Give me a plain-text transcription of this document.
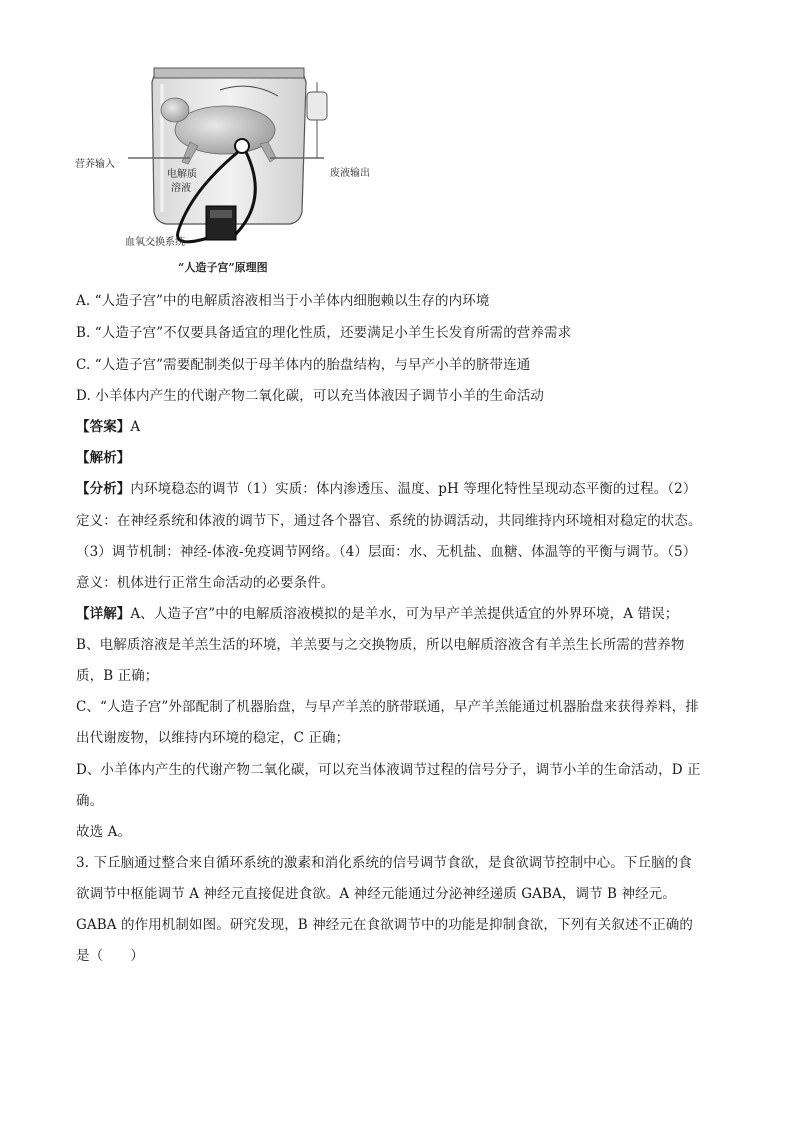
营养输入
电解质
溶液
废液输出
血氧交换系统
“人造子宫”原理图
A. “人造子宫”中的电解质溶液相当于小羊体内细胞赖以生存的内环境
B. “人造子宫”不仅要具备适宜的理化性质，还要满足小羊生长发育所需的营养需求
C. “人造子宫”需要配制类似于母羊体内的胎盘结构，与早产小羊的脐带连通
D. 小羊体内产生的代谢产物二氧化碳，可以充当体液因子调节小羊的生命活动
【答案】A
【解析】
【分析】内环境稳态的调节（1）实质：体内渗透压、温度、pH 等理化特性呈现动态平衡的过程。（2）
定义：在神经系统和体液的调节下，通过各个器官、系统的协调活动，共同维持内环境相对稳定的状态。
（3）调节机制：神经-体液-免疫调节网络。（4）层面：水、无机盐、血糖、体温等的平衡与调节。（5）
意义：机体进行正常生命活动的必要条件。
【详解】A、人造子宫”中的电解质溶液模拟的是羊水，可为早产羊羔提供适宜的外界环境，A 错误；
B、电解质溶液是羊羔生活的环境，羊羔要与之交换物质，所以电解质溶液含有羊羔生长所需的营养物
质，B 正确；
C、“人造子宫”外部配制了机器胎盘，与早产羊羔的脐带联通，早产羊羔能通过机器胎盘来获得养料，排
出代谢废物，以维持内环境的稳定，C 正确；
D、小羊体内产生的代谢产物二氧化碳，可以充当体液调节过程的信号分子，调节小羊的生命活动，D 正
确。
故选 A。
3. 下丘脑通过整合来自循环系统的激素和消化系统的信号调节食欲，是食欲调节控制中心。下丘脑的食
欲调节中枢能调节 A 神经元直接促进食欲。A 神经元能通过分泌神经递质 GABA，调节 B 神经元。
GABA 的作用机制如图。研究发现，B 神经元在食欲调节中的功能是抑制食欲，下列有关叙述不正确的
是（　　）
